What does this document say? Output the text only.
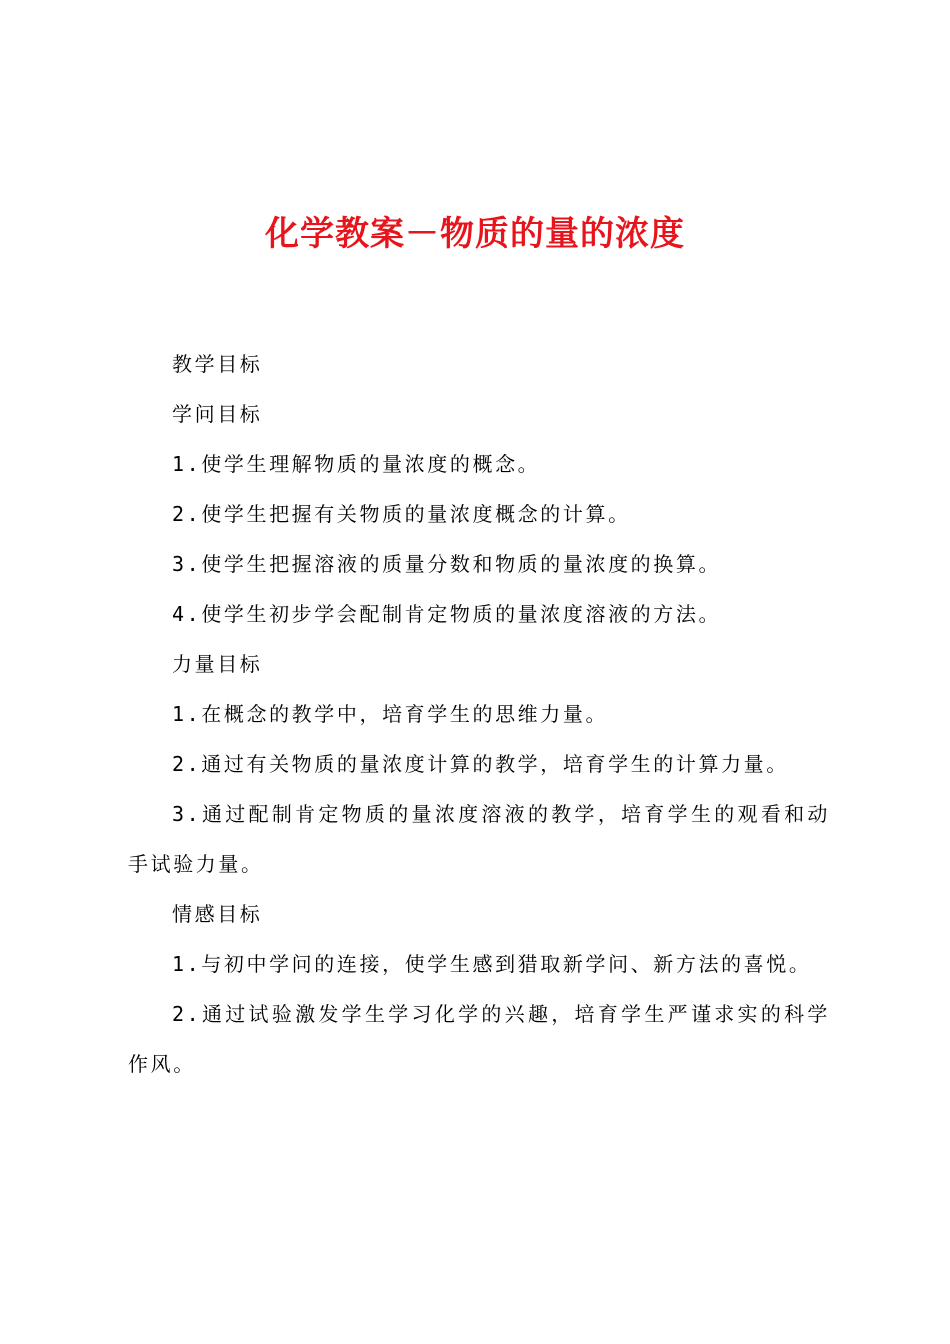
化学教案－物质的量的浓度

教学目标

学问目标

1.使学生理解物质的量浓度的概念。

2.使学生把握有关物质的量浓度概念的计算。

3.使学生把握溶液的质量分数和物质的量浓度的换算。

4.使学生初步学会配制肯定物质的量浓度溶液的方法。

力量目标

1.在概念的教学中，培育学生的思维力量。

2.通过有关物质的量浓度计算的教学，培育学生的计算力量。

3.通过配制肯定物质的量浓度溶液的教学，培育学生的观看和动手试验力量。

情感目标

1.与初中学问的连接，使学生感到猎取新学问、新方法的喜悦。

2.通过试验激发学生学习化学的兴趣，培育学生严谨求实的科学作风。
